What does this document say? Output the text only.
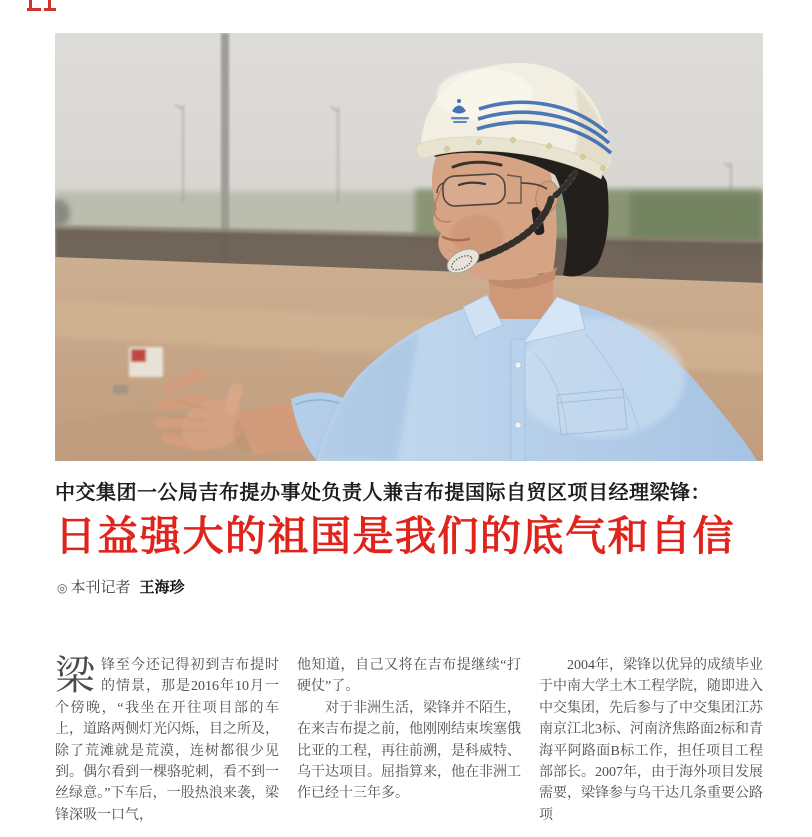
中交集团一公局吉布提办事处负责人兼吉布提国际自贸区项目经理梁锋：
日益强大的祖国是我们的底气和自信
◎ 本刊记者 王海珍

梁锋至今还记得初到吉布提时的情景，那是2016年10月一个傍晚，“我坐在开往项目部的车上，道路两侧灯光闪烁，目之所及，除了荒滩就是荒漠，连树都很少见到。偶尔看到一棵骆驼刺，看不到一丝绿意。”下车后，一股热浪来袭，梁锋深吸一口气，

他知道，自己又将在吉布提继续“打硬仗”了。

对于非洲生活，梁锋并不陌生，在来吉布提之前，他刚刚结束埃塞俄比亚的工程，再往前溯，是科威特、乌干达项目。屈指算来，他在非洲工作已经十三年多。

2004年，梁锋以优异的成绩毕业于中南大学土木工程学院，随即进入中交集团，先后参与了中交集团江苏南京江北3标、河南济焦路面2标和青海平阿路面B标工作，担任项目工程部部长。2007年，由于海外项目发展需要，梁锋参与乌干达几条重要公路项
